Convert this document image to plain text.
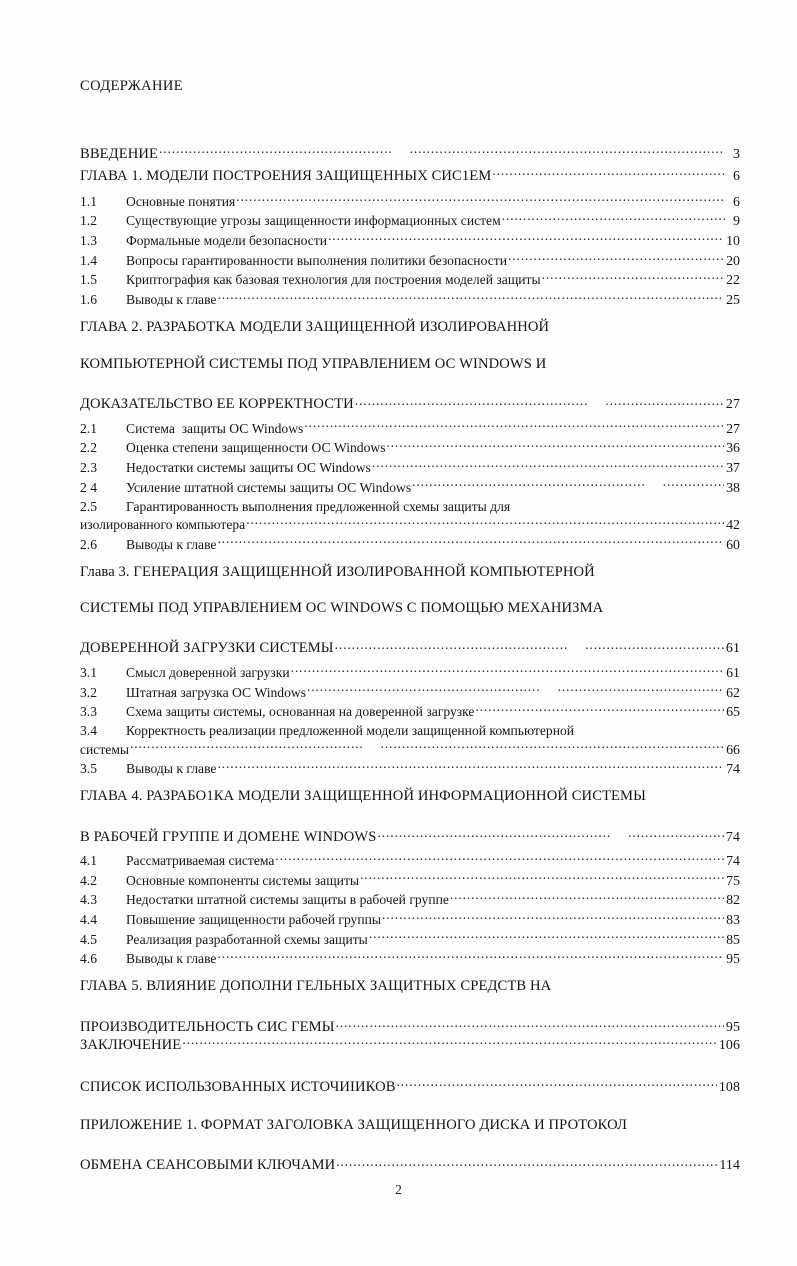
СОДЕРЖАНИЕ
ВВЕДЕНИЕ .....	3
ГЛАВА 1. МОДЕЛИ ПОСТРОЕНИЯ ЗАЩИЩЕННЫХ СИС1ЕМ .....	6
1.1	Основные понятия .....	6
1.2	Существующие угрозы защищенности информационных систем .....	9
1.3	Формальные модели безопасности .....	10
1.4	Вопросы гарантированности выполнения политики безопасности .....	20
1.5	Криптография как базовая технология для построения моделей защиты .....	22
1.6	Выводы к главе .....	25
ГЛАВА 2. РАЗРАБОТКА МОДЕЛИ ЗАЩИЩЕННОЙ ИЗОЛИРОВАННОЙ
КОМПЬЮТЕРНОЙ СИСТЕМЫ ПОД УПРАВЛЕНИЕМ ОС WINDOWS И
ДОКАЗАТЕЛЬСТВО ЕЕ КОРРЕКТНОСТИ .....	27
2.1	Система  защиты ОС Windows .....	27
2.2	Оценка степени защищенности ОС Windows .....	36
2.3	Недостатки системы защиты ОС Windows .....	37
2 4	Усиление штатной системы защиты ОС Windows .....	38
2.5	Гарантированность выполнения предложенной схемы защиты для
изолированного компьютера .....	42
2.6	Выводы к главе .....	60
Глава 3. ГЕНЕРАЦИЯ ЗАЩИЩЕННОЙ ИЗОЛИРОВАННОЙ КОМПЬЮТЕРНОЙ
СИСТЕМЫ ПОД УПРАВЛЕНИЕМ ОС WINDOWS С ПОМОЩЬЮ МЕХАНИЗМА
ДОВЕРЕННОЙ ЗАГРУЗКИ СИСТЕМЫ .....	61
3.1	Смысл доверенной загрузки .....	61
3.2	Штатная загрузка ОС Windows .....	62
3.3	Схема защиты системы, основанная на доверенной загрузке .....	65
3.4	Корректность реализации предложенной модели защищенной компьютерной
системы .....	66
3.5	Выводы к главе .....	74
ГЛАВА 4. РАЗРАБО1КА МОДЕЛИ ЗАЩИЩЕННОЙ ИНФОРМАЦИОННОЙ СИСТЕМЫ
В РАБОЧЕЙ ГРУППЕ И ДОМЕНЕ WINDOWS .....	74
4.1	Рассматриваемая система .....	74
4.2	Основные компоненты системы защиты .....	75
4.3	Недостатки штатной системы защиты в рабочей группе .....	82
4.4	Повышение защищенности рабочей группы .....	83
4.5	Реализация разработанной схемы защиты .....	85
4.6	Выводы к главе .....	95
ГЛАВА 5. ВЛИЯНИЕ ДОПОЛНИ ГЕЛЬНЫХ ЗАЩИТНЫХ СРЕДСТВ НА
ПРОИЗВОДИТЕЛЬНОСТЬ СИС ГЕМЫ .....	95
ЗАКЛЮЧЕНИЕ .....	106
СПИСОК ИСПОЛЬЗОВАННЫХ ИСТОЧИIИКОВ .....	108
ПРИЛОЖЕНИЕ 1. ФОРМАТ ЗАГОЛОВКА ЗАЩИЩЕННОГО ДИСКА И ПРОТОКОЛ
ОБМЕНА СЕАНСОВЫМИ КЛЮЧАМИ .....	114
2
